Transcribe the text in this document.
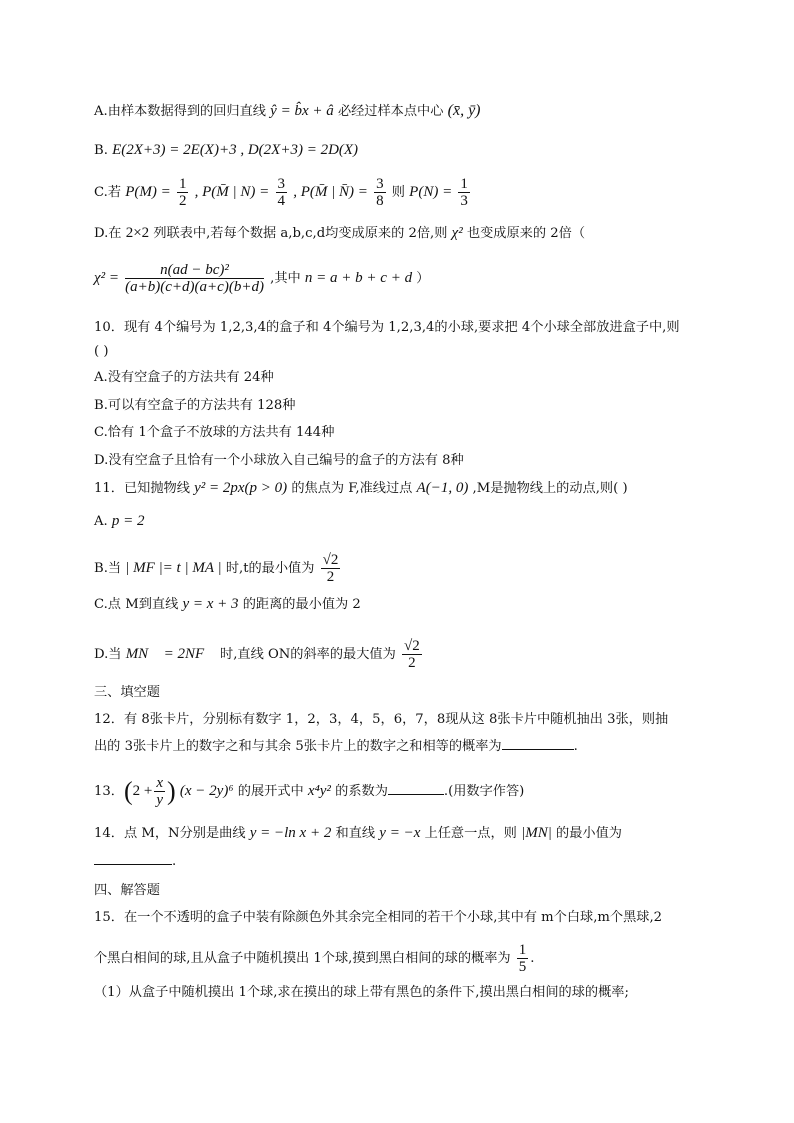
A.由样本数据得到的回归直线 ŷ = b̂x + â 必经过样本点中心 (x̄, ȳ)
B. E(2X+3) = 2E(X)+3 , D(2X+3) = 2D(X)
C.若 $P(M) = \frac{1}{2}$ , P(M̄ | $N) = \frac{3}{4}$ , P(M̄ | N̄) = $\frac{3}{8}$ 则 $P(N) = \frac{1}{3}$
D.在 2×2 列联表中,若每个数据 a,b,c,d均变成原来的 2倍,则 χ² 也变成原来的 2倍（
$\chi^2 = \frac{\text{n(ad − bc)²}}{(a+b)(c+d)(a+c)(b+d)}$ ,其中 n = a + b + c + d ）
10．现有 4个编号为 1,2,3,4的盒子和 4个编号为 1,2,3,4的小球,要求把 4个小球全部放进盒子中,则
( )
A.没有空盒子的方法共有 24种
B.可以有空盒子的方法共有 128种
C.恰有 1个盒子不放球的方法共有 144种
D.没有空盒子且恰有一个小球放入自己编号的盒子的方法有 8种
11．已知抛物线 y² = 2px(p > 0) 的焦点为 F,准线过点 A(−1, 0) ,M是抛物线上的动点,则( )
A. p = 2
B.当 | MF |= t | MA | 时,t的最小值为 $\frac{√2}{2}$
C.点 M到直线 y = x + 3 的距离的最小值为 2
D.当 MN⃗ = 2NF⃗ 时,直线 ON的斜率的最大值为 $\frac{√2}{2}$
三、填空题
12．有 8张卡片，分别标有数字 1，2，3，4，5，6，7，8现从这 8张卡片中随机抽出 3张，则抽
出的 3张卡片上的数字之和与其余 5张卡片上的数字之和相等的概率为	.
13．($2 + \frac{x}{y}$ ) (x − 2y)⁶ 的展开式中 x⁴y² 的系数为	.(用数字作答)
14．点 M，N分别是曲线 y = −ln x + 2 和直线 y = −x 上任意一点，则 |MN| 的最小值为
.
四、解答题
15．在一个不透明的盒子中装有除颜色外其余完全相同的若干个小球,其中有 m个白球,m个黑球,2
个黑白相间的球,且从盒子中随机摸出 1个球,摸到黑白相间的球的概率为 $\frac{1}{5}$ .
（1）从盒子中随机摸出 1个球,求在摸出的球上带有黑色的条件下,摸出黑白相间的球的概率;
